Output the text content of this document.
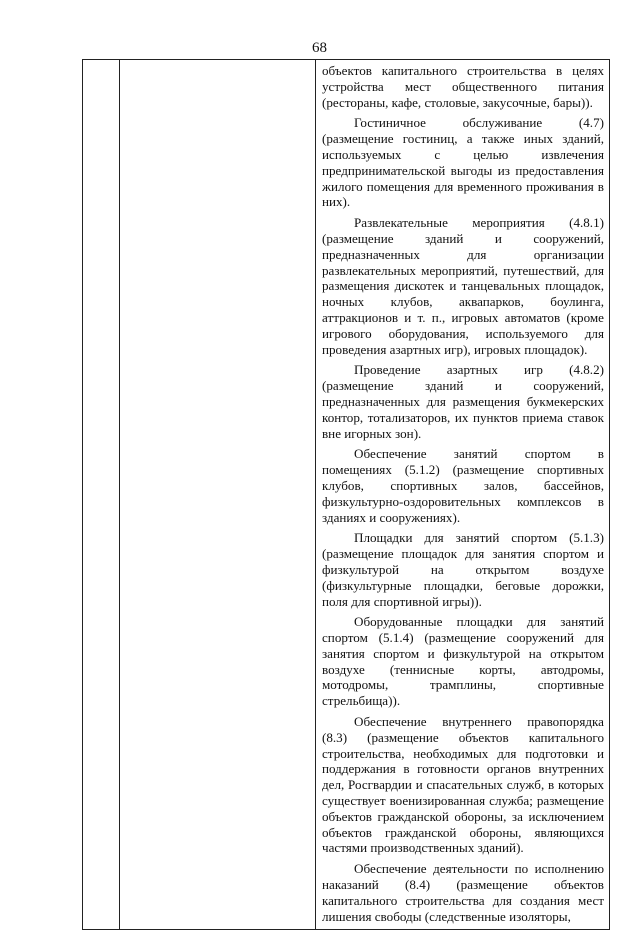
68

объектов капитального строительства в целях устройства мест общественного питания (рестораны, кафе, столовые, закусочные, бары)).

Гостиничное обслуживание (4.7) (размещение гостиниц, а также иных зданий, используемых с целью извлечения предпринимательской выгоды из предоставления жилого помещения для временного проживания в них).

Развлекательные мероприятия (4.8.1) (размещение зданий и сооружений, предназначенных для организации развлекательных мероприятий, путешествий, для размещения дискотек и танцевальных площадок, ночных клубов, аквапарков, боулинга, аттракционов и т. п., игровых автоматов (кроме игрового оборудования, используемого для проведения азартных игр), игровых площадок).

Проведение азартных игр (4.8.2) (размещение зданий и сооружений, предназначенных для размещения букмекерских контор, тотализаторов, их пунктов приема ставок вне игорных зон).

Обеспечение занятий спортом в помещениях (5.1.2) (размещение спортивных клубов, спортивных залов, бассейнов, физкультурно-оздоровительных комплексов в зданиях и сооружениях).

Площадки для занятий спортом (5.1.3) (размещение площадок для занятия спортом и физкультурой на открытом воздухе (физкультурные площадки, беговые дорожки, поля для спортивной игры)).

Оборудованные площадки для занятий спортом (5.1.4) (размещение сооружений для занятия спортом и физкультурой на открытом воздухе (теннисные корты, автодромы, мотодромы, трамплины, спортивные стрельбища)).

Обеспечение внутреннего правопорядка (8.3) (размещение объектов капитального строительства, необходимых для подготовки и поддержания в готовности органов внутренних дел, Росгвардии и спасательных служб, в которых существует военизированная служба; размещение объектов гражданской обороны, за исключением объектов гражданской обороны, являющихся частями производственных зданий).

Обеспечение деятельности по исполнению наказаний (8.4) (размещение объектов капитального строительства для создания мест лишения свободы (следственные изоляторы,
